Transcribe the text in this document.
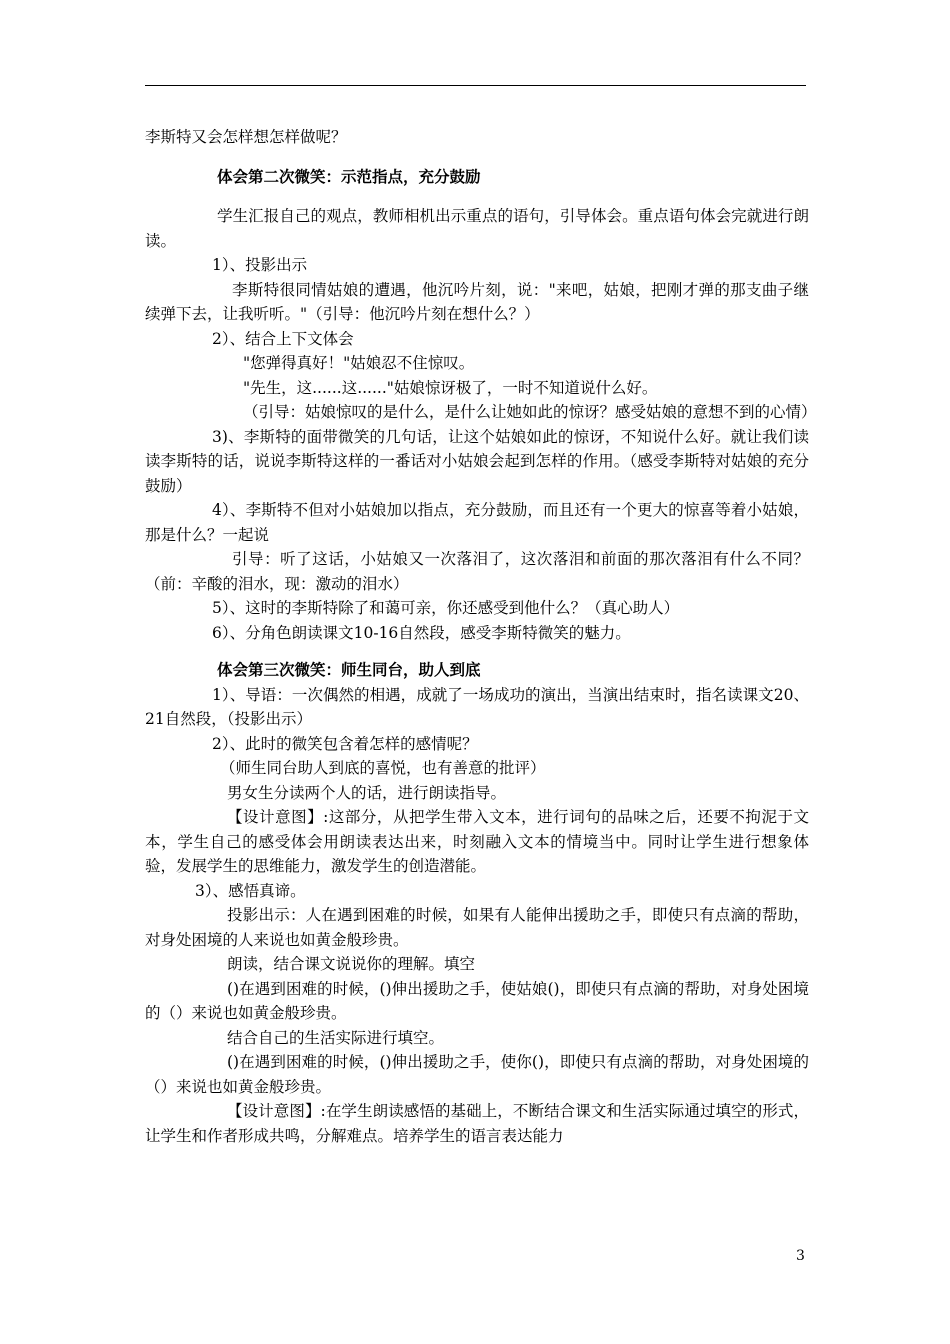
李斯特又会怎样想怎样做呢？

体会第二次微笑：示范指点，充分鼓励

学生汇报自己的观点，教师相机出示重点的语句，引导体会。重点语句体会完就进行朗读。

1）、投影出示

李斯特很同情姑娘的遭遇，他沉吟片刻，说："来吧，姑娘，把刚才弹的那支曲子继续弹下去，让我听听。"（引导：他沉吟片刻在想什么？）

2）、结合上下文体会

"您弹得真好！"姑娘忍不住惊叹。

"先生，这......这......"姑娘惊讶极了，一时不知道说什么好。

（引导：姑娘惊叹的是什么，是什么让她如此的惊讶？感受姑娘的意想不到的心情）

3)、李斯特的面带微笑的几句话，让这个姑娘如此的惊讶，不知说什么好。就让我们读读李斯特的话，说说李斯特这样的一番话对小姑娘会起到怎样的作用。（感受李斯特对姑娘的充分鼓励）

4）、李斯特不但对小姑娘加以指点，充分鼓励，而且还有一个更大的惊喜等着小姑娘，那是什么？一起说

引导：听了这话，小姑娘又一次落泪了，这次落泪和前面的那次落泪有什么不同？（前：辛酸的泪水，现：激动的泪水）

5）、这时的李斯特除了和蔼可亲，你还感受到他什么？（真心助人）

6）、分角色朗读课文10-16自然段，感受李斯特微笑的魅力。

体会第三次微笑：师生同台，助人到底

1）、导语：一次偶然的相遇，成就了一场成功的演出，当演出结束时，指名读课文20、21自然段，（投影出示）

2）、此时的微笑包含着怎样的感情呢？

（师生同台助人到底的喜悦，也有善意的批评）

男女生分读两个人的话，进行朗读指导。

【设计意图】:这部分，从把学生带入文本，进行词句的品味之后，还要不拘泥于文本，学生自己的感受体会用朗读表达出来，时刻融入文本的情境当中。同时让学生进行想象体验，发展学生的思维能力，激发学生的创造潜能。

3）、感悟真谛。

投影出示：人在遇到困难的时候，如果有人能伸出援助之手，即使只有点滴的帮助，对身处困境的人来说也如黄金般珍贵。

朗读，结合课文说说你的理解。填空

()在遇到困难的时候，()伸出援助之手，使姑娘()，即使只有点滴的帮助，对身处困境的（）来说也如黄金般珍贵。

结合自己的生活实际进行填空。

()在遇到困难的时候，()伸出援助之手，使你()，即使只有点滴的帮助，对身处困境的（）来说也如黄金般珍贵。

【设计意图】:在学生朗读感悟的基础上，不断结合课文和生活实际通过填空的形式，让学生和作者形成共鸣，分解难点。培养学生的语言表达能力

3
